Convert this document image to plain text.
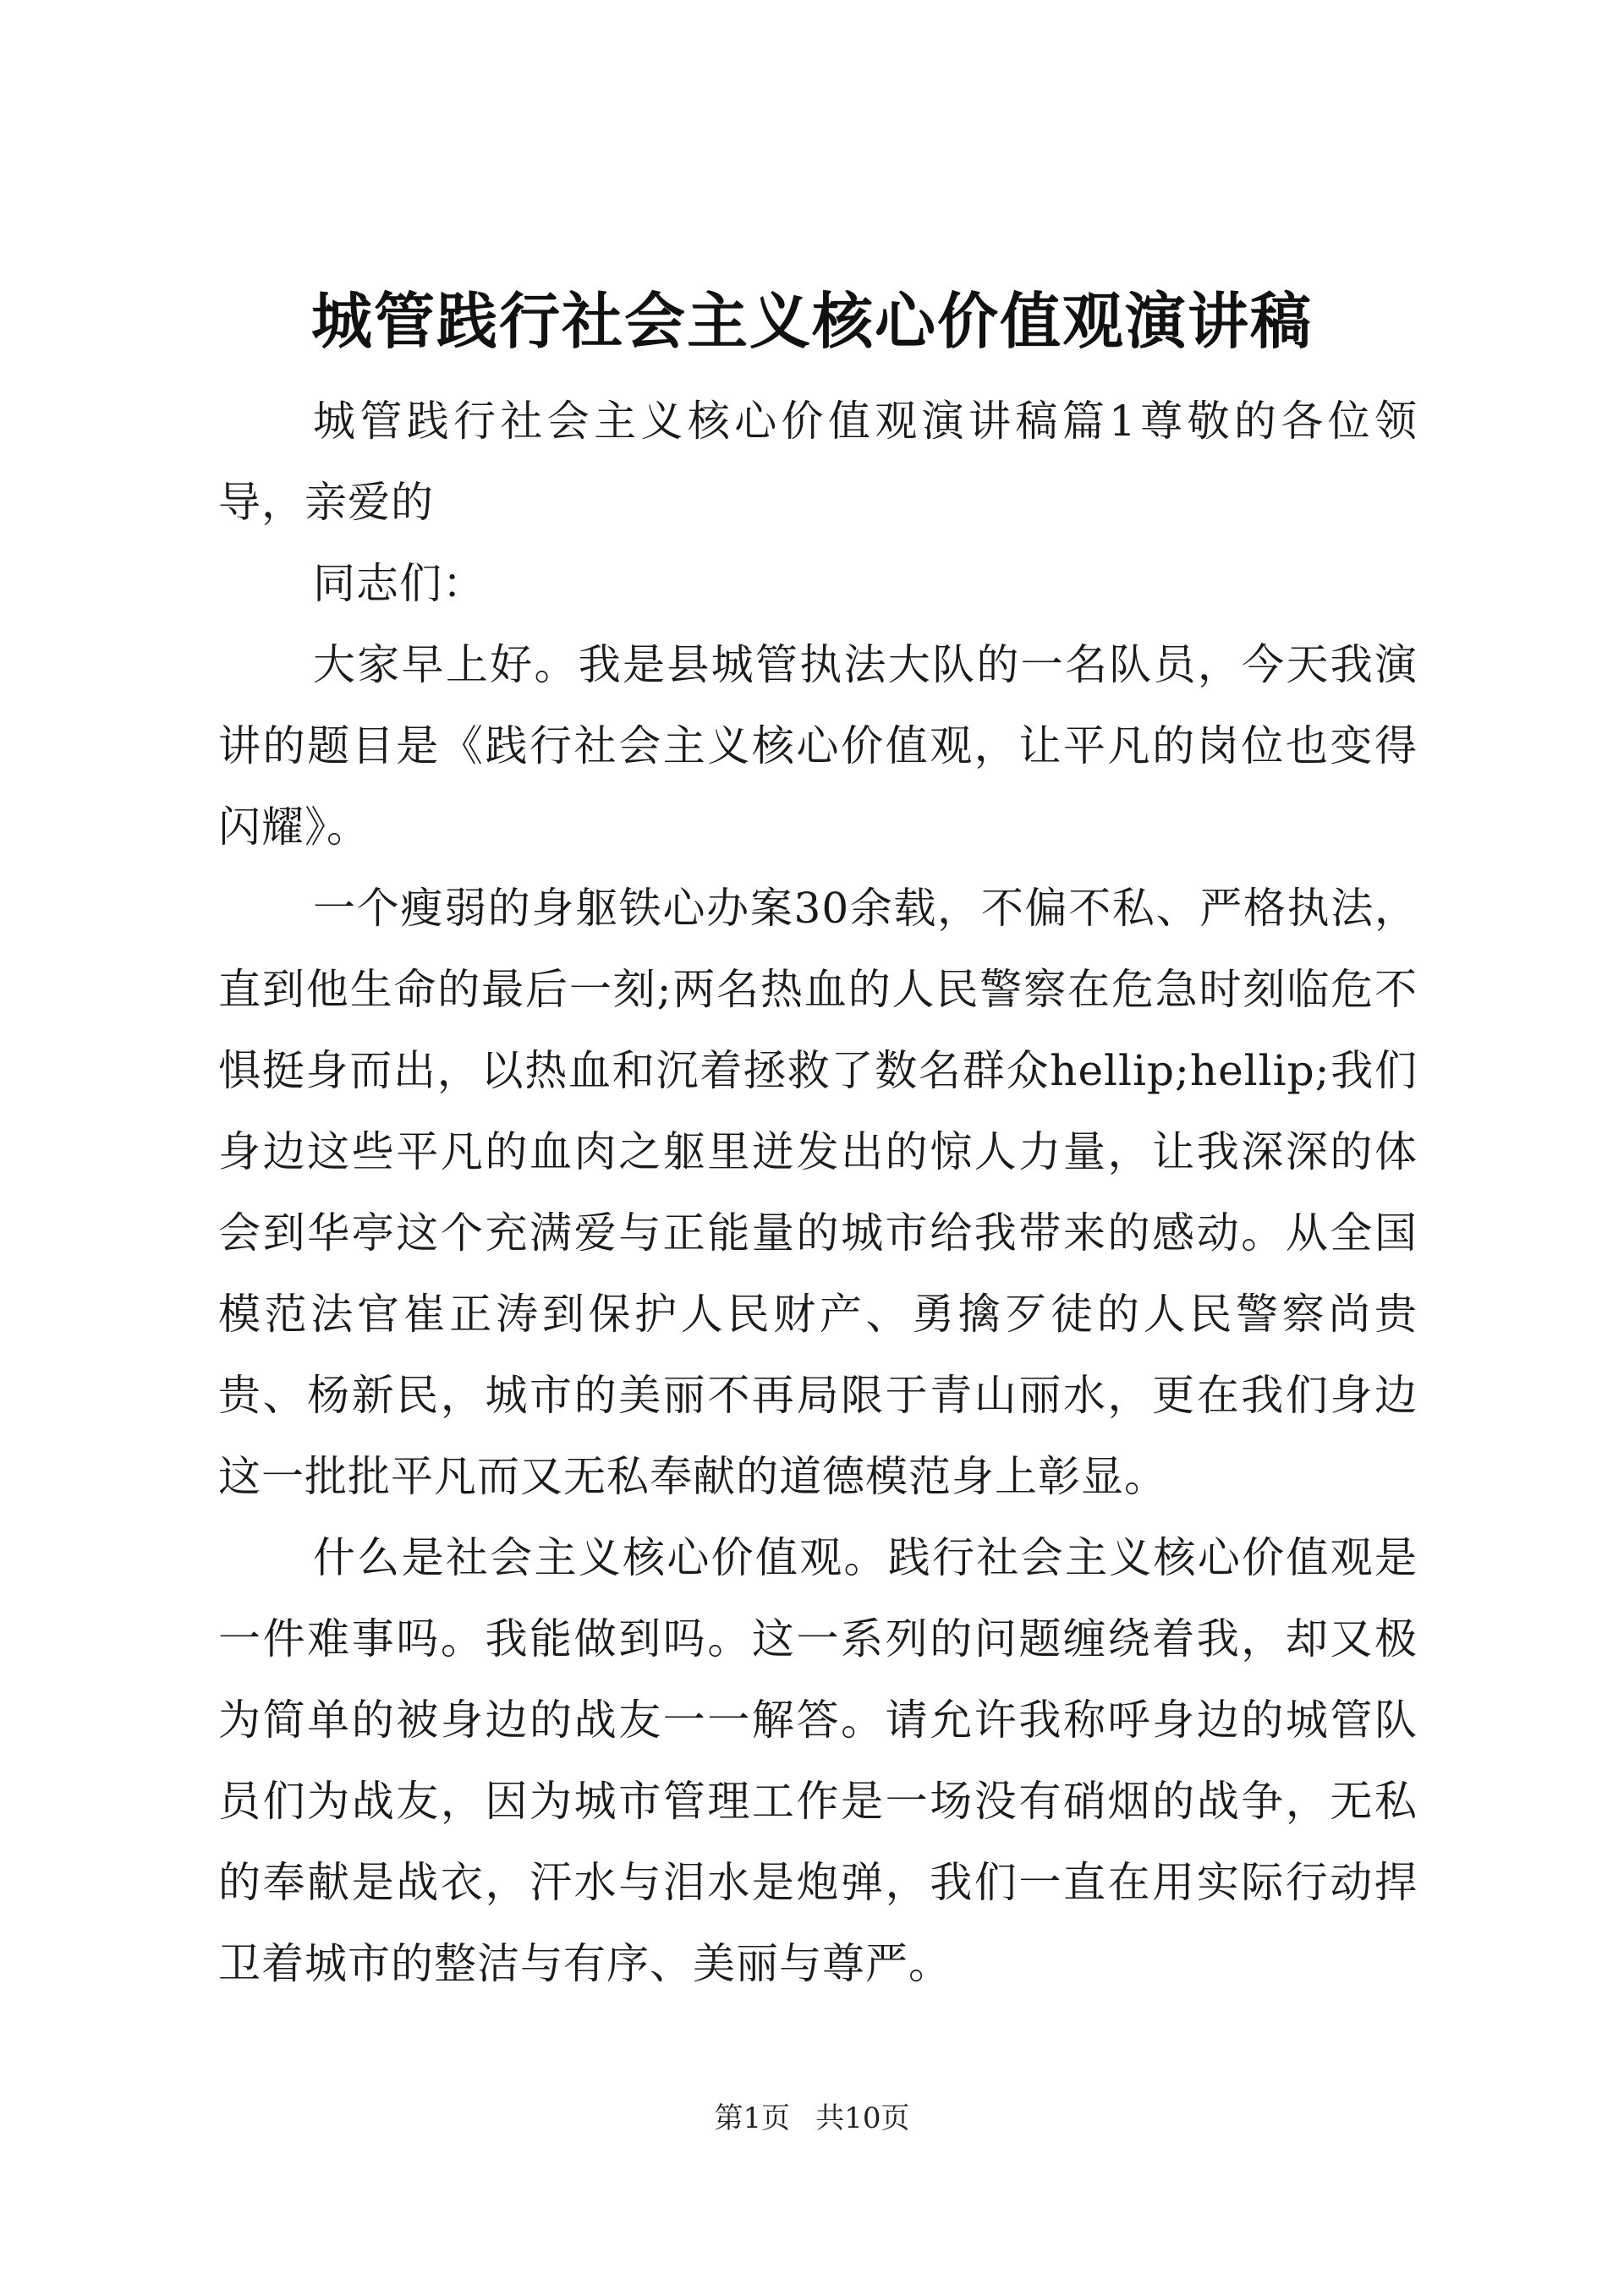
城管践行社会主义核心价值观演讲稿

城管践行社会主义核心价值观演讲稿篇1尊敬的各位领导，亲爱的

同志们：

大家早上好。我是县城管执法大队的一名队员，今天我演讲的题目是《践行社会主义核心价值观，让平凡的岗位也变得闪耀》。

一个瘦弱的身躯铁心办案30余载，不偏不私、严格执法，直到他生命的最后一刻;两名热血的人民警察在危急时刻临危不惧挺身而出，以热血和沉着拯救了数名群众hellip;hellip;我们身边这些平凡的血肉之躯里迸发出的惊人力量，让我深深的体会到华亭这个充满爱与正能量的城市给我带来的感动。从全国模范法官崔正涛到保护人民财产、勇擒歹徒的人民警察尚贵贵、杨新民，城市的美丽不再局限于青山丽水，更在我们身边这一批批平凡而又无私奉献的道德模范身上彰显。

什么是社会主义核心价值观。践行社会主义核心价值观是一件难事吗。我能做到吗。这一系列的问题缠绕着我，却又极为简单的被身边的战友一一解答。请允许我称呼身边的城管队员们为战友，因为城市管理工作是一场没有硝烟的战争，无私的奉献是战衣，汗水与泪水是炮弹，我们一直在用实际行动捍卫着城市的整洁与有序、美丽与尊严。

第1页 共10页
